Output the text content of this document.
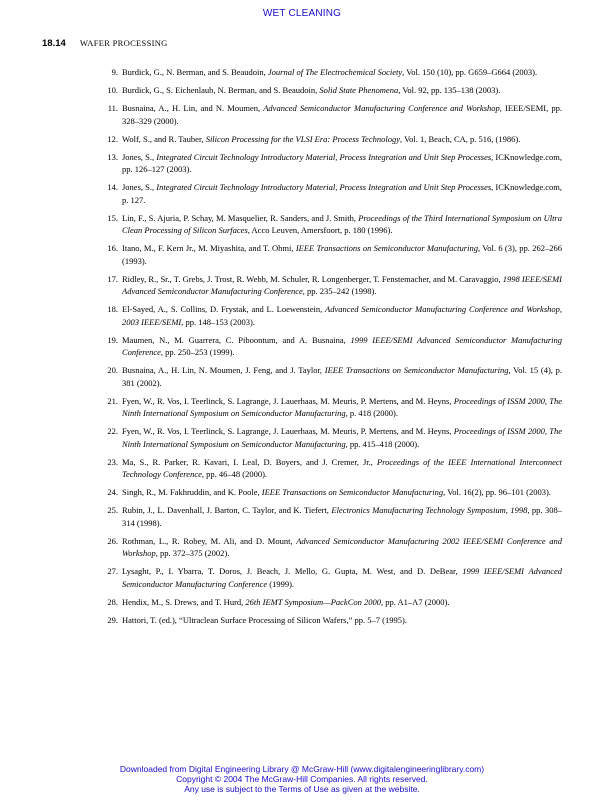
WET CLEANING
18.14 WAFER PROCESSING
9. Burdick, G., N. Berman, and S. Beaudoin, Journal of The Electrochemical Society, Vol. 150 (10), pp. G659–G664 (2003).
10. Burdick, G., S. Eichenlaub, N. Berman, and S. Beaudoin, Solid State Phenomena, Vol. 92, pp. 135–138 (2003).
11. Busnaina, A., H. Lin, and N. Moumen, Advanced Semiconductor Manufacturing Conference and Workshop, IEEE/SEMI, pp. 328–329 (2000).
12. Wolf, S., and R. Tauber, Silicon Processing for the VLSI Era: Process Technology, Vol. 1, Beach, CA, p. 516, (1986).
13. Jones, S., Integrated Circuit Technology Introductory Material, Process Integration and Unit Step Processes, ICKnowledge.com, pp. 126–127 (2003).
14. Jones, S., Integrated Circuit Technology Introductory Material, Process Integration and Unit Step Processes, ICKnowledge.com, p. 127.
15. Lin, F., S. Ajuria, P. Schay, M. Masquelier, R. Sanders, and J. Smith, Proceedings of the Third International Symposium on Ultra Clean Processing of Silicon Surfaces, Acco Leuven, Amersfoort, p. 180 (1996).
16. Itano, M., F. Kern Jr., M. Miyashita, and T. Ohmi, IEEE Transactions on Semiconductor Manufacturing, Vol. 6 (3), pp. 262–266 (1993).
17. Ridley, R., Sr., T. Grebs, J. Trost, R. Webb, M. Schuler, R. Longenberger, T. Fenstemacher, and M. Caravaggio, 1998 IEEE/SEMI Advanced Semiconductor Manufacturing Conference, pp. 235–242 (1998).
18. El-Sayed, A., S. Collins, D. Frystak, and L. Loewenstein, Advanced Semiconductor Manufacturing Conference and Workshop, 2003 IEEE/SEMI, pp. 148–153 (2003).
19. Maumen, N., M. Guarrera, C. Piboontum, and A. Busnaina, 1999 IEEE/SEMI Advanced Semiconductor Manufacturing Conference, pp. 250–253 (1999).
20. Busnaina, A., H. Lin, N. Moumen, J. Feng, and J. Taylor, IEEE Transactions on Semiconductor Manufacturing, Vol. 15 (4), p. 381 (2002).
21. Fyen, W., R. Vos, I. Teerlinck, S. Lagrange, J. Lauerhaas, M. Meuris, P. Mertens, and M. Heyns, Proceedings of ISSM 2000, The Ninth International Symposium on Semiconductor Manufacturing, p. 418 (2000).
22. Fyen, W., R. Vos, I. Teerlinck, S. Lagrange, J. Lauerhaas, M. Meuris, P. Mertens, and M. Heyns, Proceedings of ISSM 2000, The Ninth International Symposium on Semiconductor Manufacturing, pp. 415–418 (2000).
23. Ma, S., R. Parker, R. Kavari, I. Leal, D. Boyers, and J. Cremer, Jr., Proceedings of the IEEE International Interconnect Technology Conference, pp. 46–48 (2000).
24. Singh, R., M. Fakhruddin, and K. Poole, IEEE Transactions on Semiconductor Manufacturing, Vol. 16(2), pp. 96–101 (2003).
25. Rubin, J., L. Davenhall, J. Barton, C. Taylor, and K. Tiefert, Electronics Manufacturing Technology Symposium, 1998, pp. 308–314 (1998).
26. Rothman, L., R. Robey, M. Ali, and D. Mount, Advanced Semiconductor Manufacturing 2002 IEEE/SEMI Conference and Workshop, pp. 372–375 (2002).
27. Lysaght, P., I. Ybarra, T. Doros, J. Beach, J. Mello, G. Gupta, M. West, and D. DeBear, 1999 IEEE/SEMI Advanced Semiconductor Manufacturing Conference (1999).
28. Hendix, M., S. Drews, and T. Hurd, 26th IEMT Symposium—PackCon 2000, pp. A1–A7 (2000).
29. Hattori, T. (ed.), “Ultraclean Surface Processing of Silicon Wafers,” pp. 5–7 (1995).
Downloaded from Digital Engineering Library @ McGraw-Hill (www.digitalengineeringlibrary.com)
Copyright © 2004 The McGraw-Hill Companies. All rights reserved.
Any use is subject to the Terms of Use as given at the website.
